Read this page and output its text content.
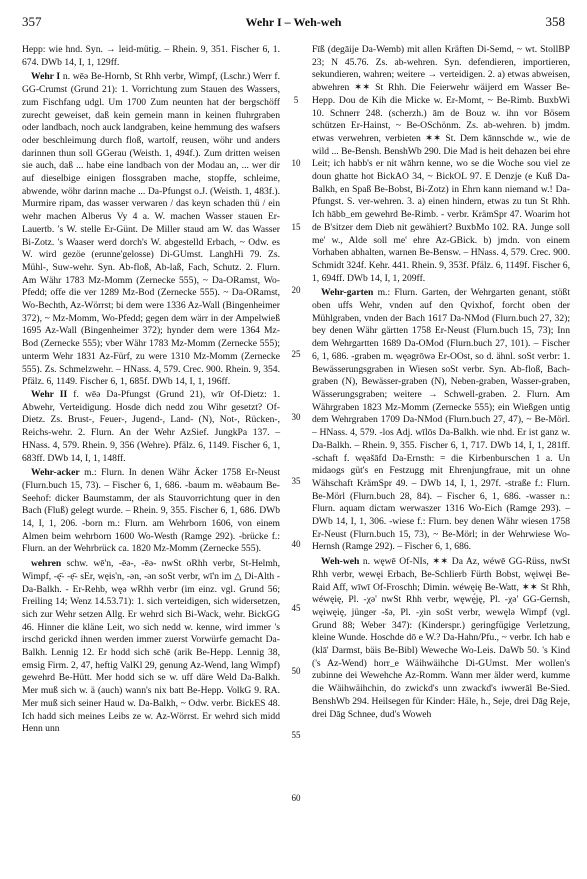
357	Wehr I – Weh-weh	358

Hepp: wie hnd. Syn. → leid-mütig. – Rhein. 9, 351. Fischer 6, 1. 674. DWb 14, I, 1, 129ff.

Wehr I n. wēǝ Be-Hornb, St Rhh verbr, Wimpf, (Lschr.) Werr f. GG-Crumst (Grund 21): 1. Vorrichtung zum Stauen des Wassers, zum Fischfang udgl. Um 1700 Zum neunten hat der bergschöff zurecht geweiset, daß kein gemein mann in keinen fluhrgraben oder landbach, noch auck landgraben, keine hemmung des wafsers oder beschleimung durch floß, wartolf, reusen, wöhr und anders darinnen thun soll GGerau (Weisth. 1, 494f.). Zum dritten weisen sie auch, daß ... habe eine landbach von der Modau an, ... wer dir auf dieselbige einigen flossgraben mache, stopffe, schleime, abwende, wöhr darinn mache ... Da-Pfungst o.J. (Weisth. 1, 483f.). Murmire ripam, das wasser verwaren / das keyn schaden thü / ein wehr machen Alberus Vy 4 a. W. machen Wasser stauen Er-Lauertb. 's W. stelle Er-Günt. De Miller staud am W. das Wasser Bi-Zotz. 's Waaser werd dorch's W. abgestelld Erbach, ~ Odw. es W. wird gezöe (erunne'gelosse) Di-GUmst. LanghHi 79. Zs. Mühl-, Suw-wehr. Syn. Ab-floß, Ab-laß, Fach, Schutz. 2. Flurn. Am Währ 1783 Mz-Momm (Zernecke 555), ~ Da-ORamst, Wo-Pfedd; offe die ver 1289 Mz-Bod (Zernecke 555). ~ Da-ORamst, Wo-Bechth, Az-Wörrst; bi dem were 1336 Az-Wall (Bingenheimer 372), ~ Mz-Momm, Wo-Pfedd; gegen dem wärr in der Ampelwieß 1695 Az-Wall (Bingenheimer 372); hynder dem were 1364 Mz-Bod (Zernecke 555); vber Währ 1783 Mz-Momm (Zernecke 555); unterm Wehr 1831 Az-Fürf, zu were 1310 Mz-Momm (Zernecke 555). Zs. Schmelzwehr. – HNass. 4, 579. Crec. 900. Rhein. 9, 354. Pfälz. 6, 1149. Fischer 6, 1, 685f. DWb 14, I, 1, 196ff.

Wehr II f. wēǝ Da-Pfungst (Grund 21), wīr Of-Dietz: 1. Abwehr, Verteidigung. Hosde dich nedd zou Wihr gesetzt? Of-Dietz. Zs. Brust-, Feuer-, Jugend-, Land- (N), Not-, Rücken-, Reichs-wehr. 2. Flurn. An der Wehr AzSief. JungkPa 137. – HNass. 4, 579. Rhein. 9, 356 (Wehre). Pfälz. 6, 1149. Fischer 6, 1, 683ff. DWb 14, I, 1, 148ff.

Wehr-acker m.: Flurn. In denen Währ Äcker 1758 Er-Neust (Flurn.buch 15, 73). – Fischer 6, 1, 686. -baum m. wēǝbaum Be-Seehof: dicker Baumstamm, der als Stauvorrichtung quer in den Bach (Fluß) gelegt wurde. – Rhein. 9, 355. Fischer 6, 1, 686. DWb 14, I, 1, 206. -born m.: Flurn. am Wehrborn 1606, von einem Almen beim wehrborn 1600 Wo-Westh (Ramge 292). -brücke f.: Flurn. an der Wehrbrück ca. 1820 Mz-Momm (Zernecke 555).

wehren schw. wē'n, -ēǝ-, -ēǝ- nwSt oRhh verbr, St-Helmh, Wimpf, -ę̄- -ẹ̄- sEr, węis'n, -ǝn, -ǝn soSt verbr, wī'n im △ Di-Alth - Da-Balkh. - Er-Rehb, węǝ wRhh verbr (im einz. vgl. Grund 56; Freiling 14; Wenz 14.53.71): 1. sich verteidigen, sich widersetzen, sich zur Wehr setzen Allg. Er wehrd sich Bi-Wack, wehr. BickGG 46. Hinner die kläne Leit, wo sich nedd w. kenne, wird immer 's irschd gerickd ihnen werden immer zuerst Vorwürfe gemacht Da-Balkh. Lennig 12. Er hodd sich schē (arik Be-Hepp. Lennig 38, emsig Firm. 2, 47, heftig ValKl 29, genung Az-Wend, lang Wimpf) gewehrd Be-Hütt. Mer hodd sich se w. uff däre Weld Da-Balkh. Mer muß sich w. ä (auch) wann's nix batt Be-Hepp. VolkG 9. RA. Mer muß sich seiner Haud w. Da-Balkh, ~ Odw. verbr. BickES 48. Ich hadd sich meines Leibs ze w. Az-Wörrst. Er wehrd sich midd Henn unn

5
10
15
20
25
30
35
40
45
50
55
60

Fīß (degāije Da-Wemb) mit allen Kräften Di-Semd, ~ wt. StollBP 23; N 45.76. Zs. ab-wehren. Syn. defendieren, importieren, sekundieren, wahren; weitere → verteidigen. 2. a) etwas abweisen, abwehren ✶✶ St Rhh. Die Feierwehr wäijerd em Wasser Be-Hepp. Dou de Kih die Micke w. Er-Momt, ~ Be-Rimb. BuxbWi 10. Schnerr 248. (scherzh.) ām de Bouz w. ihn vor Bösem schützen Er-Hainst, ~ Be-OSchönm. Zs. ab-wehren. b) jmdm. etwas verwehren, verbieten ✶✶ St. Dem kānnschde w., wie de wild ... Be-Bensh. BenshWb 290. Die Mad is heit dehazen bei ehre Leit; ich habb's er nit wāhrn kenne, wo se die Woche sou viel ze doun ghatte hot BickAO 34, ~ BickOL 97. E Denzje (e Kuß Da-Balkh, en Spaß Be-Bobst, Bi-Zotz) in Ehrn kann niemand w.! Da-Pfungst. S. ver-wehren. 3. a) einen hindern, etwas zu tun St Rhh. Ich hābb_em gewehrd Be-Rimb. - verbr. KrämSpr 47. Woarim hot de B'sitzer dem Dieb nit gewähiert? BuxbMo 102. RA. Junge soll me' w., Alde soll me' ehre Az-GBick. b) jmdn. von einem Vorhaben abhalten, warnen Be-Bensw. – HNass. 4, 579. Crec. 900. Schmidt 324f. Kehr. 441. Rhein. 9, 353f. Pfälz. 6, 1149f. Fischer 6, 1, 694ff. DWb 14, I, 1, 209ff.

Wehr-garten m.: Flurn. Garten, der Wehrgarten genant, stößt oben uffs Wehr, vnden auf den Qvixhof, forcht oben der Mühlgraben, vnden der Bach 1617 Da-NMod (Flurn.buch 27, 32); bey denen Währ gärtten 1758 Er-Neust (Flurn.buch 15, 73); Inn dem Wehrgartten 1689 Da-OMod (Flurn.buch 27, 101). – Fischer 6, 1, 686. -graben m. węǝgrōwǝ Er-OOst, so d. ähnl. soSt verbr: 1. Bewässerungsgraben in Wiesen soSt verbr. Syn. Ab-floß, Bach-graben (N), Bewässer-graben (N), Neben-graben, Wasser-graben, Wässerungsgraben; weitere → Schwell-graben. 2. Flurn. Am Währgraben 1823 Mz-Momm (Zernecke 555); ein Wießgen untig dem Wehrgraben 1709 Da-NMod (Flurn.buch 27, 47), ~ Be-Mörl. – HNass. 4, 579. -los Adj. wīlōs Da-Balkh. wie nhd. Er ist ganz w. Da-Balkh. – Rhein. 9, 355. Fischer 6, 1, 717. DWb 14, I, 1, 281ff. -schaft f. węǝšāfd Da-Ernsth: = die Kirbenburschen 1 a. Un midaogs güt's en Festzugg mit Ehrenjungfraue, mit un ohne Wähschaft KrämSpr 49. – DWb 14, I, 1, 297f. -straße f.: Flurn. Be-Mörl (Flurn.buch 28, 84). – Fischer 6, 1, 686. -wasser n.: Flurn. aquam dictam werwaszer 1316 Wo-Eich (Ramge 293). – DWb 14, I, 1, 306. -wiese f.: Flurn. bey denen Währ wiesen 1758 Er-Neust (Flurn.buch 15, 73), ~ Be-Mörl; in der Wehrwiese Wo-Hernsh (Ramge 292). – Fischer 6, 1, 686.

Weh-weh n. węwē Of-NIs, ✶✶ Da Az, wéwē GG-Rüss, nwSt Rhh verbr, wewęi Erbach, Be-Schlierb Fürth Bobst, węiwęi Be-Raid Aff, wīwī Of-Froschh; Dimin. wéwęię Be-Watt, ✶✶ St Rhh, wéwęię, Pl. -χǝ' nwSt Rhh verbr, węwę́ję, Pl. -χǝ' GG-Gernsh, węiwęię, jünger -šǝ, Pl. -χin soSt verbr, wewęlǝ Wimpf (vgl. Grund 88; Weber 347): (Kinderspr.) geringfügige Verletzung, kleine Wunde. Hoschde dō e W.? Da-Hahn/Pfu., ~ verbr. Ich hab e (klā' Darmst, bäis Be-Bibl) Weweche Wo-Leis. DaWb 50. 's Kind ('s Az-Wend) horr_e Wäihwäihche Di-GUmst. Mer wollen's zubinne dei Wewehche Az-Romm. Wann mer älder werd, kumme die Wäihwäihchin, do zwickd's unn zwackd's iwwerāl Be-Sied. BenshWb 294. Heilsegen für Kinder: Häle, h., Seje, drei Dāg Reje, drei Dāg Schnee, dud's Woweh
